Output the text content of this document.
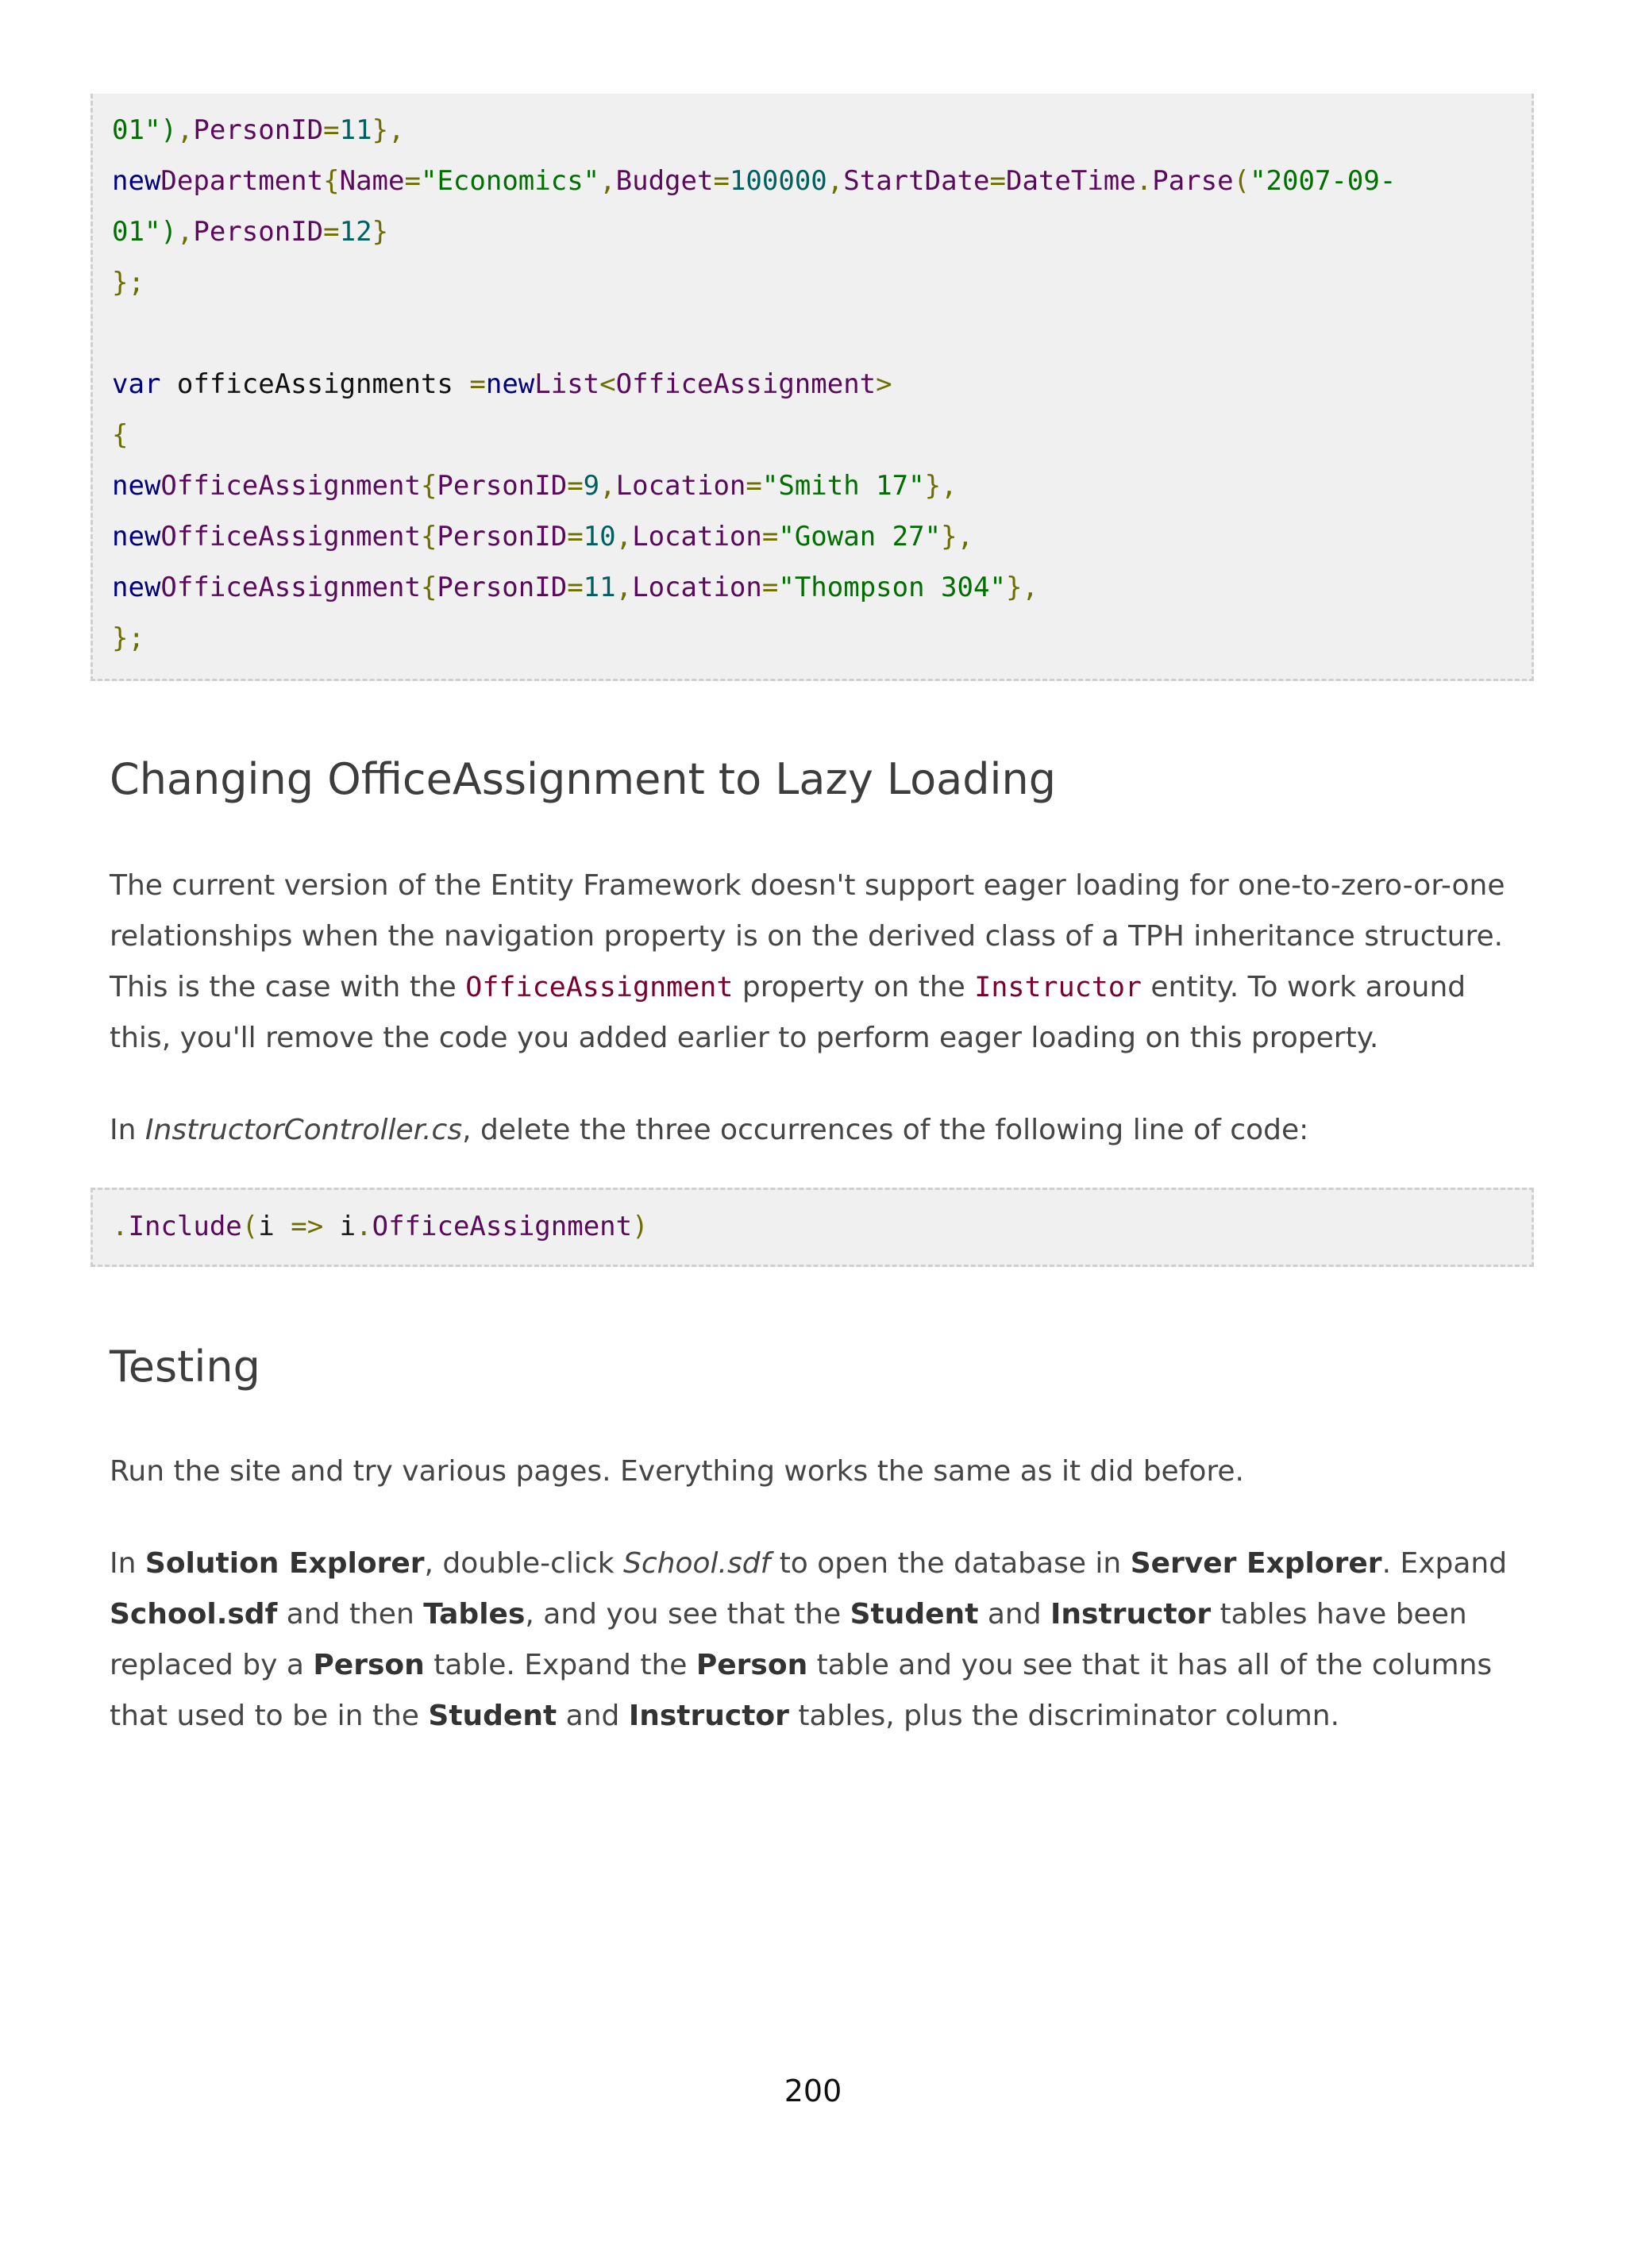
01"),PersonID=11},
newDepartment{Name="Economics",Budget=100000,StartDate=DateTime.Parse("2007-09-
01"),PersonID=12}
};
var officeAssignments =newList<OfficeAssignment>
{
newOfficeAssignment{PersonID=9,Location="Smith 17"},
newOfficeAssignment{PersonID=10,Location="Gowan 27"},
newOfficeAssignment{PersonID=11,Location="Thompson 304"},
};
Changing OfficeAssignment to Lazy Loading

The current version of the Entity Framework doesn't support eager loading for one-to-zero-or-one relationships when the navigation property is on the derived class of a TPH inheritance structure. This is the case with the OfficeAssignment property on the Instructor entity. To work around this, you'll remove the code you added earlier to perform eager loading on this property.

In InstructorController.cs, delete the three occurrences of the following line of code:

.Include(i => i.OfficeAssignment)
Testing

Run the site and try various pages. Everything works the same as it did before.

In Solution Explorer, double-click School.sdf to open the database in Server Explorer. Expand School.sdf and then Tables, and you see that the Student and Instructor tables have been replaced by a Person table. Expand the Person table and you see that it has all of the columns that used to be in the Student and Instructor tables, plus the discriminator column.

200
